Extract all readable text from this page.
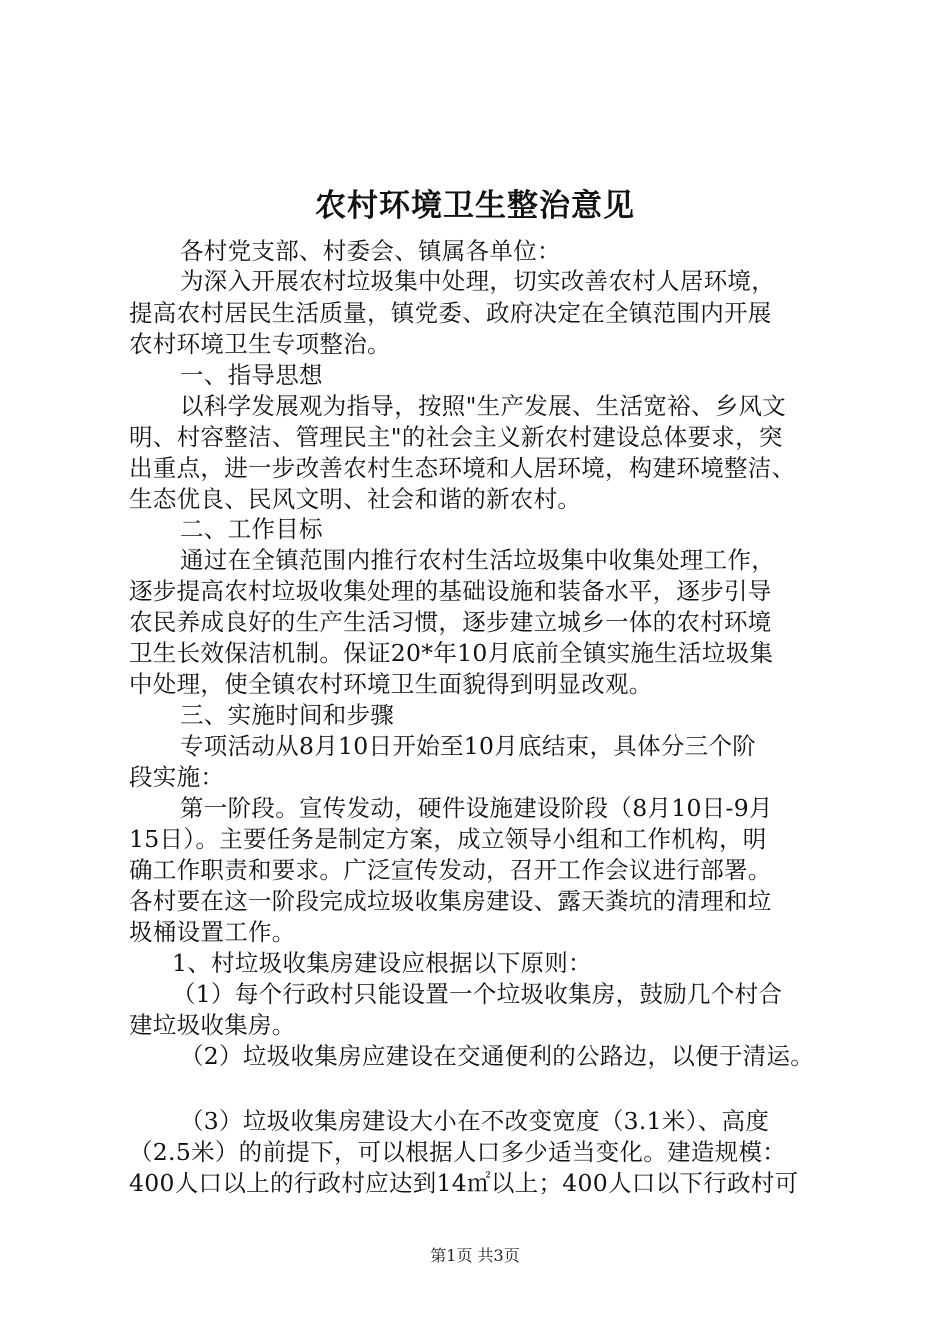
农村环境卫生整治意见
各村党支部、村委会、镇属各单位：
为深入开展农村垃圾集中处理，切实改善农村人居环境，
提高农村居民生活质量，镇党委、政府决定在全镇范围内开展
农村环境卫生专项整治。
一、指导思想
以科学发展观为指导，按照"生产发展、生活宽裕、乡风文
明、村容整洁、管理民主"的社会主义新农村建设总体要求，突
出重点，进一步改善农村生态环境和人居环境，构建环境整洁、
生态优良、民风文明、社会和谐的新农村。
二、工作目标
通过在全镇范围内推行农村生活垃圾集中收集处理工作，
逐步提高农村垃圾收集处理的基础设施和装备水平，逐步引导
农民养成良好的生产生活习惯，逐步建立城乡一体的农村环境
卫生长效保洁机制。保证20*年10月底前全镇实施生活垃圾集
中处理，使全镇农村环境卫生面貌得到明显改观。
三、实施时间和步骤
专项活动从8月10日开始至10月底结束，具体分三个阶
段实施：
第一阶段。宣传发动，硬件设施建设阶段（8月10日-9月
15日）。主要任务是制定方案，成立领导小组和工作机构，明
确工作职责和要求。广泛宣传发动，召开工作会议进行部署。
各村要在这一阶段完成垃圾收集房建设、露天粪坑的清理和垃
圾桶设置工作。
1、村垃圾收集房建设应根据以下原则：
（1）每个行政村只能设置一个垃圾收集房，鼓励几个村合
建垃圾收集房。
（2）垃圾收集房应建设在交通便利的公路边，以便于清运。
（3）垃圾收集房建设大小在不改变宽度（3.1米）、高度
（2.5米）的前提下，可以根据人口多少适当变化。建造规模：
400人口以上的行政村应达到14㎡以上；400人口以下行政村可
第1页 共3页
